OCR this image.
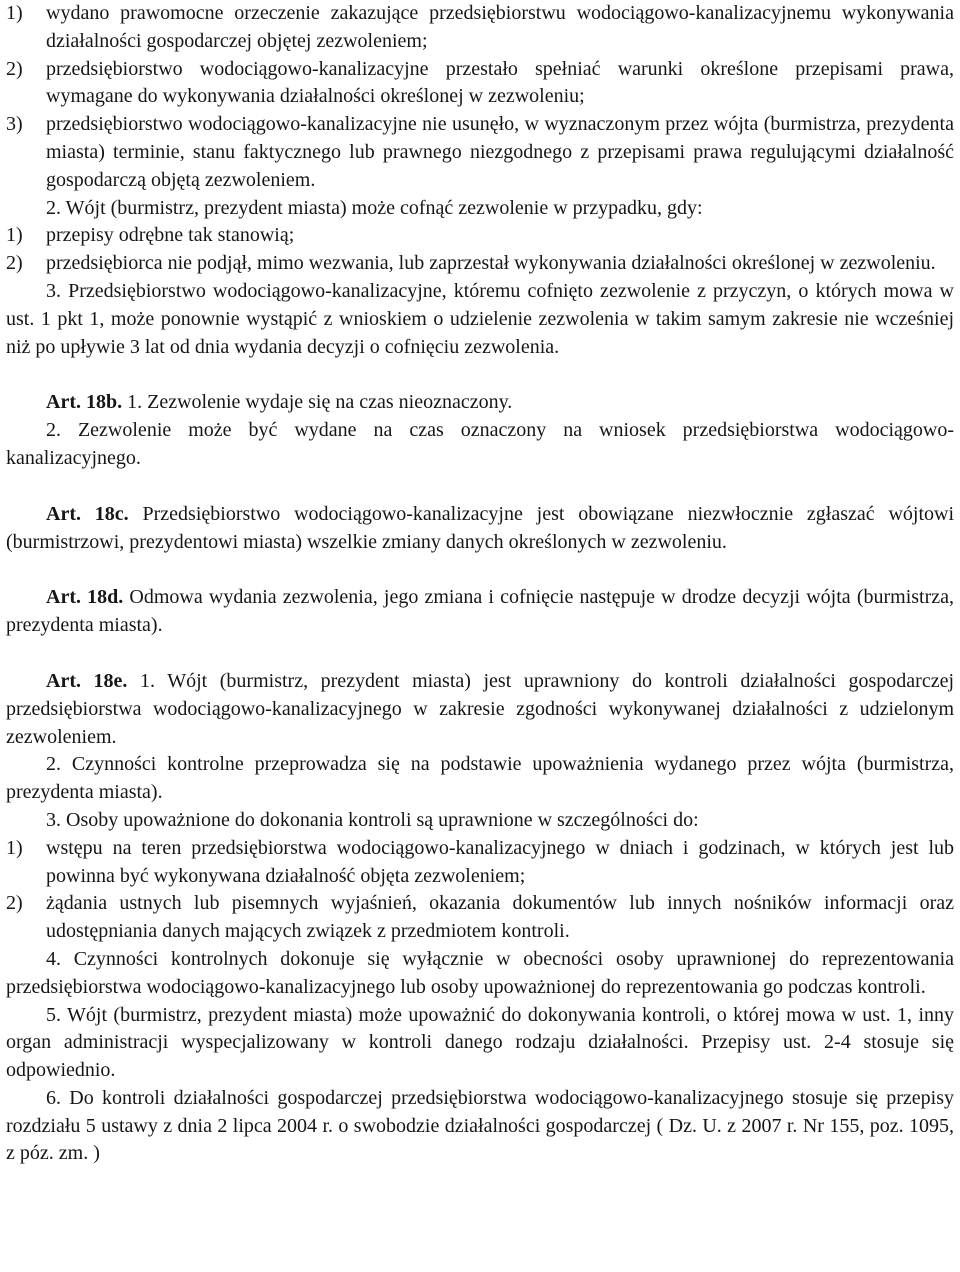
1) wydano prawomocne orzeczenie zakazujące przedsiębiorstwu wodociągowo-kanalizacyjnemu wykonywania działalności gospodarczej objętej zezwoleniem;

2) przedsiębiorstwo wodociągowo-kanalizacyjne przestało spełniać warunki określone przepisami prawa, wymagane do wykonywania działalności określonej w zezwoleniu;

3) przedsiębiorstwo wodociągowo-kanalizacyjne nie usunęło, w wyznaczonym przez wójta (burmistrza, prezydenta miasta) terminie, stanu faktycznego lub prawnego niezgodnego z przepisami prawa regulującymi działalność gospodarczą objętą zezwoleniem.

2. Wójt (burmistrz, prezydent miasta) może cofnąć zezwolenie w przypadku, gdy:

1) przepisy odrębne tak stanowią;

2) przedsiębiorca nie podjął, mimo wezwania, lub zaprzestał wykonywania działalności określonej w zezwoleniu.

3. Przedsiębiorstwo wodociągowo-kanalizacyjne, któremu cofnięto zezwolenie z przyczyn, o których mowa w ust. 1 pkt 1, może ponownie wystąpić z wnioskiem o udzielenie zezwolenia w takim samym zakresie nie wcześniej niż po upływie 3 lat od dnia wydania decyzji o cofnięciu zezwolenia.

Art. 18b. 1. Zezwolenie wydaje się na czas nieoznaczony.

2. Zezwolenie może być wydane na czas oznaczony na wniosek przedsiębiorstwa wodociągowo-kanalizacyjnego.

Art. 18c. Przedsiębiorstwo wodociągowo-kanalizacyjne jest obowiązane niezwłocznie zgłaszać wójtowi (burmistrzowi, prezydentowi miasta) wszelkie zmiany danych określonych w zezwoleniu.

Art. 18d. Odmowa wydania zezwolenia, jego zmiana i cofnięcie następuje w drodze decyzji wójta (burmistrza, prezydenta miasta).

Art. 18e. 1. Wójt (burmistrz, prezydent miasta) jest uprawniony do kontroli działalności gospodarczej przedsiębiorstwa wodociągowo-kanalizacyjnego w zakresie zgodności wykonywanej działalności z udzielonym zezwoleniem.

2. Czynności kontrolne przeprowadza się na podstawie upoważnienia wydanego przez wójta (burmistrza, prezydenta miasta).

3. Osoby upoważnione do dokonania kontroli są uprawnione w szczególności do:

1) wstępu na teren przedsiębiorstwa wodociągowo-kanalizacyjnego w dniach i godzinach, w których jest lub powinna być wykonywana działalność objęta zezwoleniem;

2) żądania ustnych lub pisemnych wyjaśnień, okazania dokumentów lub innych nośników informacji oraz udostępniania danych mających związek z przedmiotem kontroli.

4. Czynności kontrolnych dokonuje się wyłącznie w obecności osoby uprawnionej do reprezentowania przedsiębiorstwa wodociągowo-kanalizacyjnego lub osoby upoważnionej do reprezentowania go podczas kontroli.

5. Wójt (burmistrz, prezydent miasta) może upoważnić do dokonywania kontroli, o której mowa w ust. 1, inny organ administracji wyspecjalizowany w kontroli danego rodzaju działalności. Przepisy ust. 2-4 stosuje się odpowiednio.

6. Do kontroli działalności gospodarczej przedsiębiorstwa wodociągowo-kanalizacyjnego stosuje się przepisy rozdziału 5 ustawy z dnia 2 lipca 2004 r. o swobodzie działalności gospodarczej ( Dz. U. z 2007 r. Nr 155, poz. 1095, z póz. zm. )
